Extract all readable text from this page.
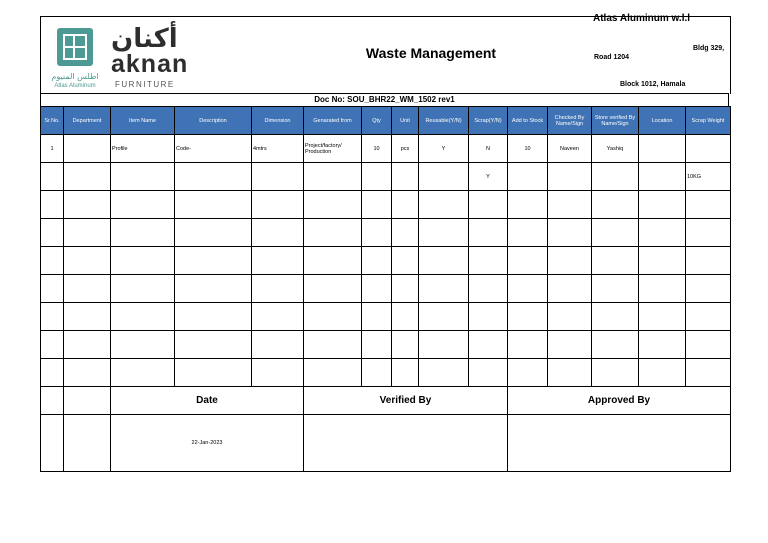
أكنان
aknan
FURNITURE
اطلس المنيوم
Atlas Aluminum
Waste Management
Atlas Aluminum w.l.l
Bldg 329,
Road 1204
Block 1012, Hamala
Doc No: SOU_BHR22_WM_1502 rev1
Sr.No.	Department	Item Name	Description	Dimension	Genarated from	Qty	Unit	Reusable(Y/N)	Scrap(Y/N)	Add to Stock	Checked By Name/Sign	Store verified By Name/Sign	Location	Scrap Weight
1		Profile	Code-	4mtrs	Project/factory/ Production	10	pcs	Y	N	10	Naveen	Yashiq		
									Y					10KG

		Date			Verified By					Approved By				
		22-Jan-2023												
